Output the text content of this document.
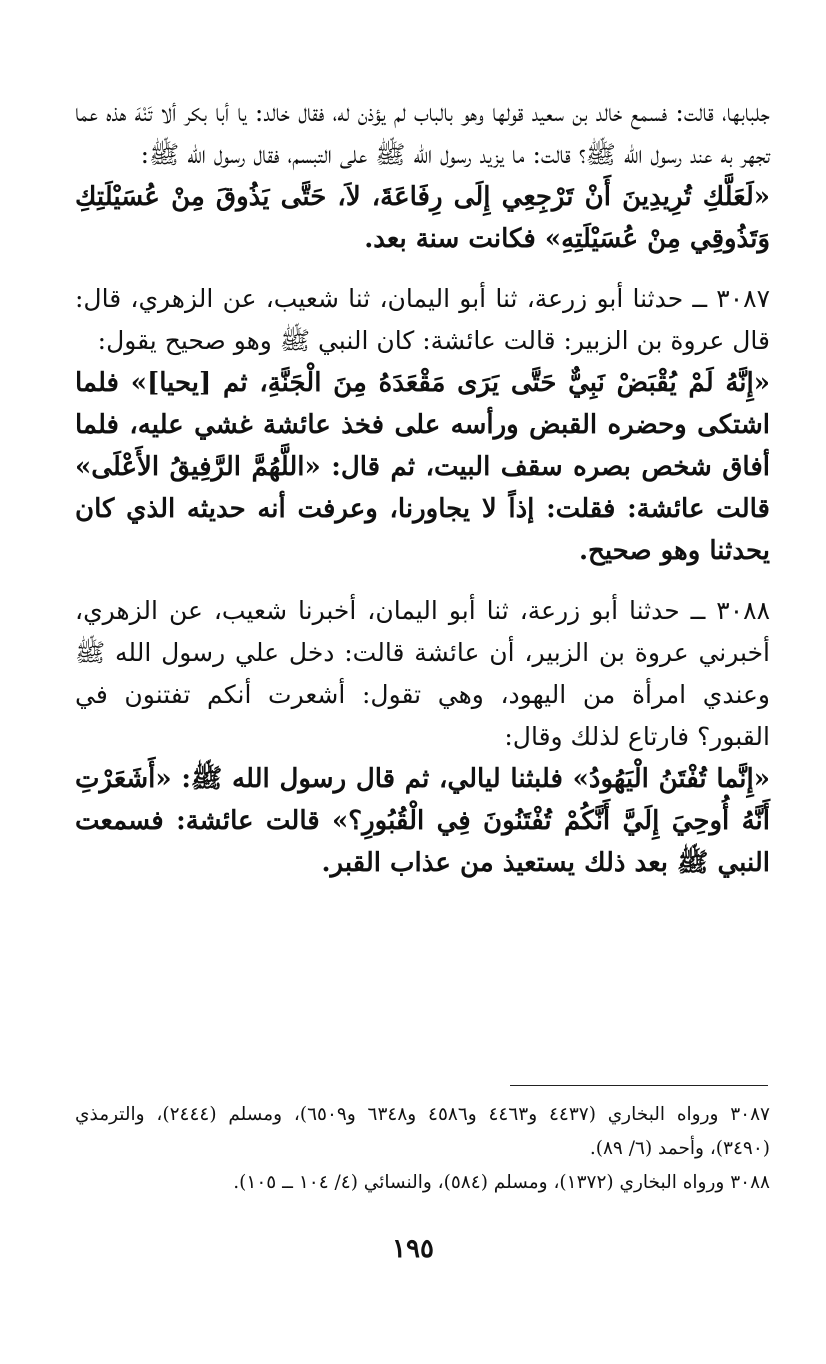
جلبابها، قالت: فسمع خالد بن سعيد قولها وهو بالباب لم يؤذن له، فقال خالد: يا أبا بكر ألا تَنْهَ هذه عما تجهر به عند رسول الله ﷺ؟ قالت: ما يزيد رسول الله ﷺ على التبسم، فقال رسول الله ﷺ:

«لَعَلَّكِ تُرِيدِينَ أَنْ تَرْجِعِي إِلَى رِفَاعَةَ، لاَ، حَتَّى يَذُوقَ مِنْ عُسَيْلَتِكِ وَتَذُوقِي مِنْ عُسَيْلَتِهِ» فكانت سنة بعد.

٣٠٨٧ ــ حدثنا أبو زرعة، ثنا أبو اليمان، ثنا شعيب، عن الزهري، قال: قال عروة بن الزبير: قالت عائشة: كان النبي ﷺ وهو صحيح يقول:

«إِنَّهُ لَمْ يُقْبَضْ نَبِيٌّ حَتَّى يَرَى مَقْعَدَهُ مِنَ الْجَنَّةِ، ثم [يحيا]» فلما اشتكى وحضره القبض ورأسه على فخذ عائشة غشي عليه، فلما أفاق شخص بصره سقف البيت، ثم قال: «اللَّهُمَّ الرَّفِيقُ الأَعْلَى» قالت عائشة: فقلت: إذاً لا يجاورنا، وعرفت أنه حديثه الذي كان يحدثنا وهو صحيح.

٣٠٨٨ ــ حدثنا أبو زرعة، ثنا أبو اليمان، أخبرنا شعيب، عن الزهري، أخبرني عروة بن الزبير، أن عائشة قالت: دخل علي رسول الله ﷺ وعندي امرأة من اليهود، وهي تقول: أشعرت أنكم تفتنون في القبور؟ فارتاع لذلك وقال:

«إِنَّما تُفْتَنُ الْيَهُودُ» فلبثنا ليالي، ثم قال رسول الله ﷺ: «أَشَعَرْتِ أَنَّهُ أُوحِيَ إِلَيَّ أَنَّكُمْ تُفْتَنُونَ فِي الْقُبُورِ؟» قالت عائشة: فسمعت النبي ﷺ بعد ذلك يستعيذ من عذاب القبر.

٣٠٨٧ ورواه البخاري (٤٤٣٧ و٤٤٦٣ و٤٥٨٦ و٦٣٤٨ و٦٥٠٩)، ومسلم (٢٤٤٤)، والترمذي (٣٤٩٠)، وأحمد (٦/ ٨٩).

٣٠٨٨ ورواه البخاري (١٣٧٢)، ومسلم (٥٨٤)، والنسائي (٤/ ١٠٤ ــ ١٠٥).

١٩٥
